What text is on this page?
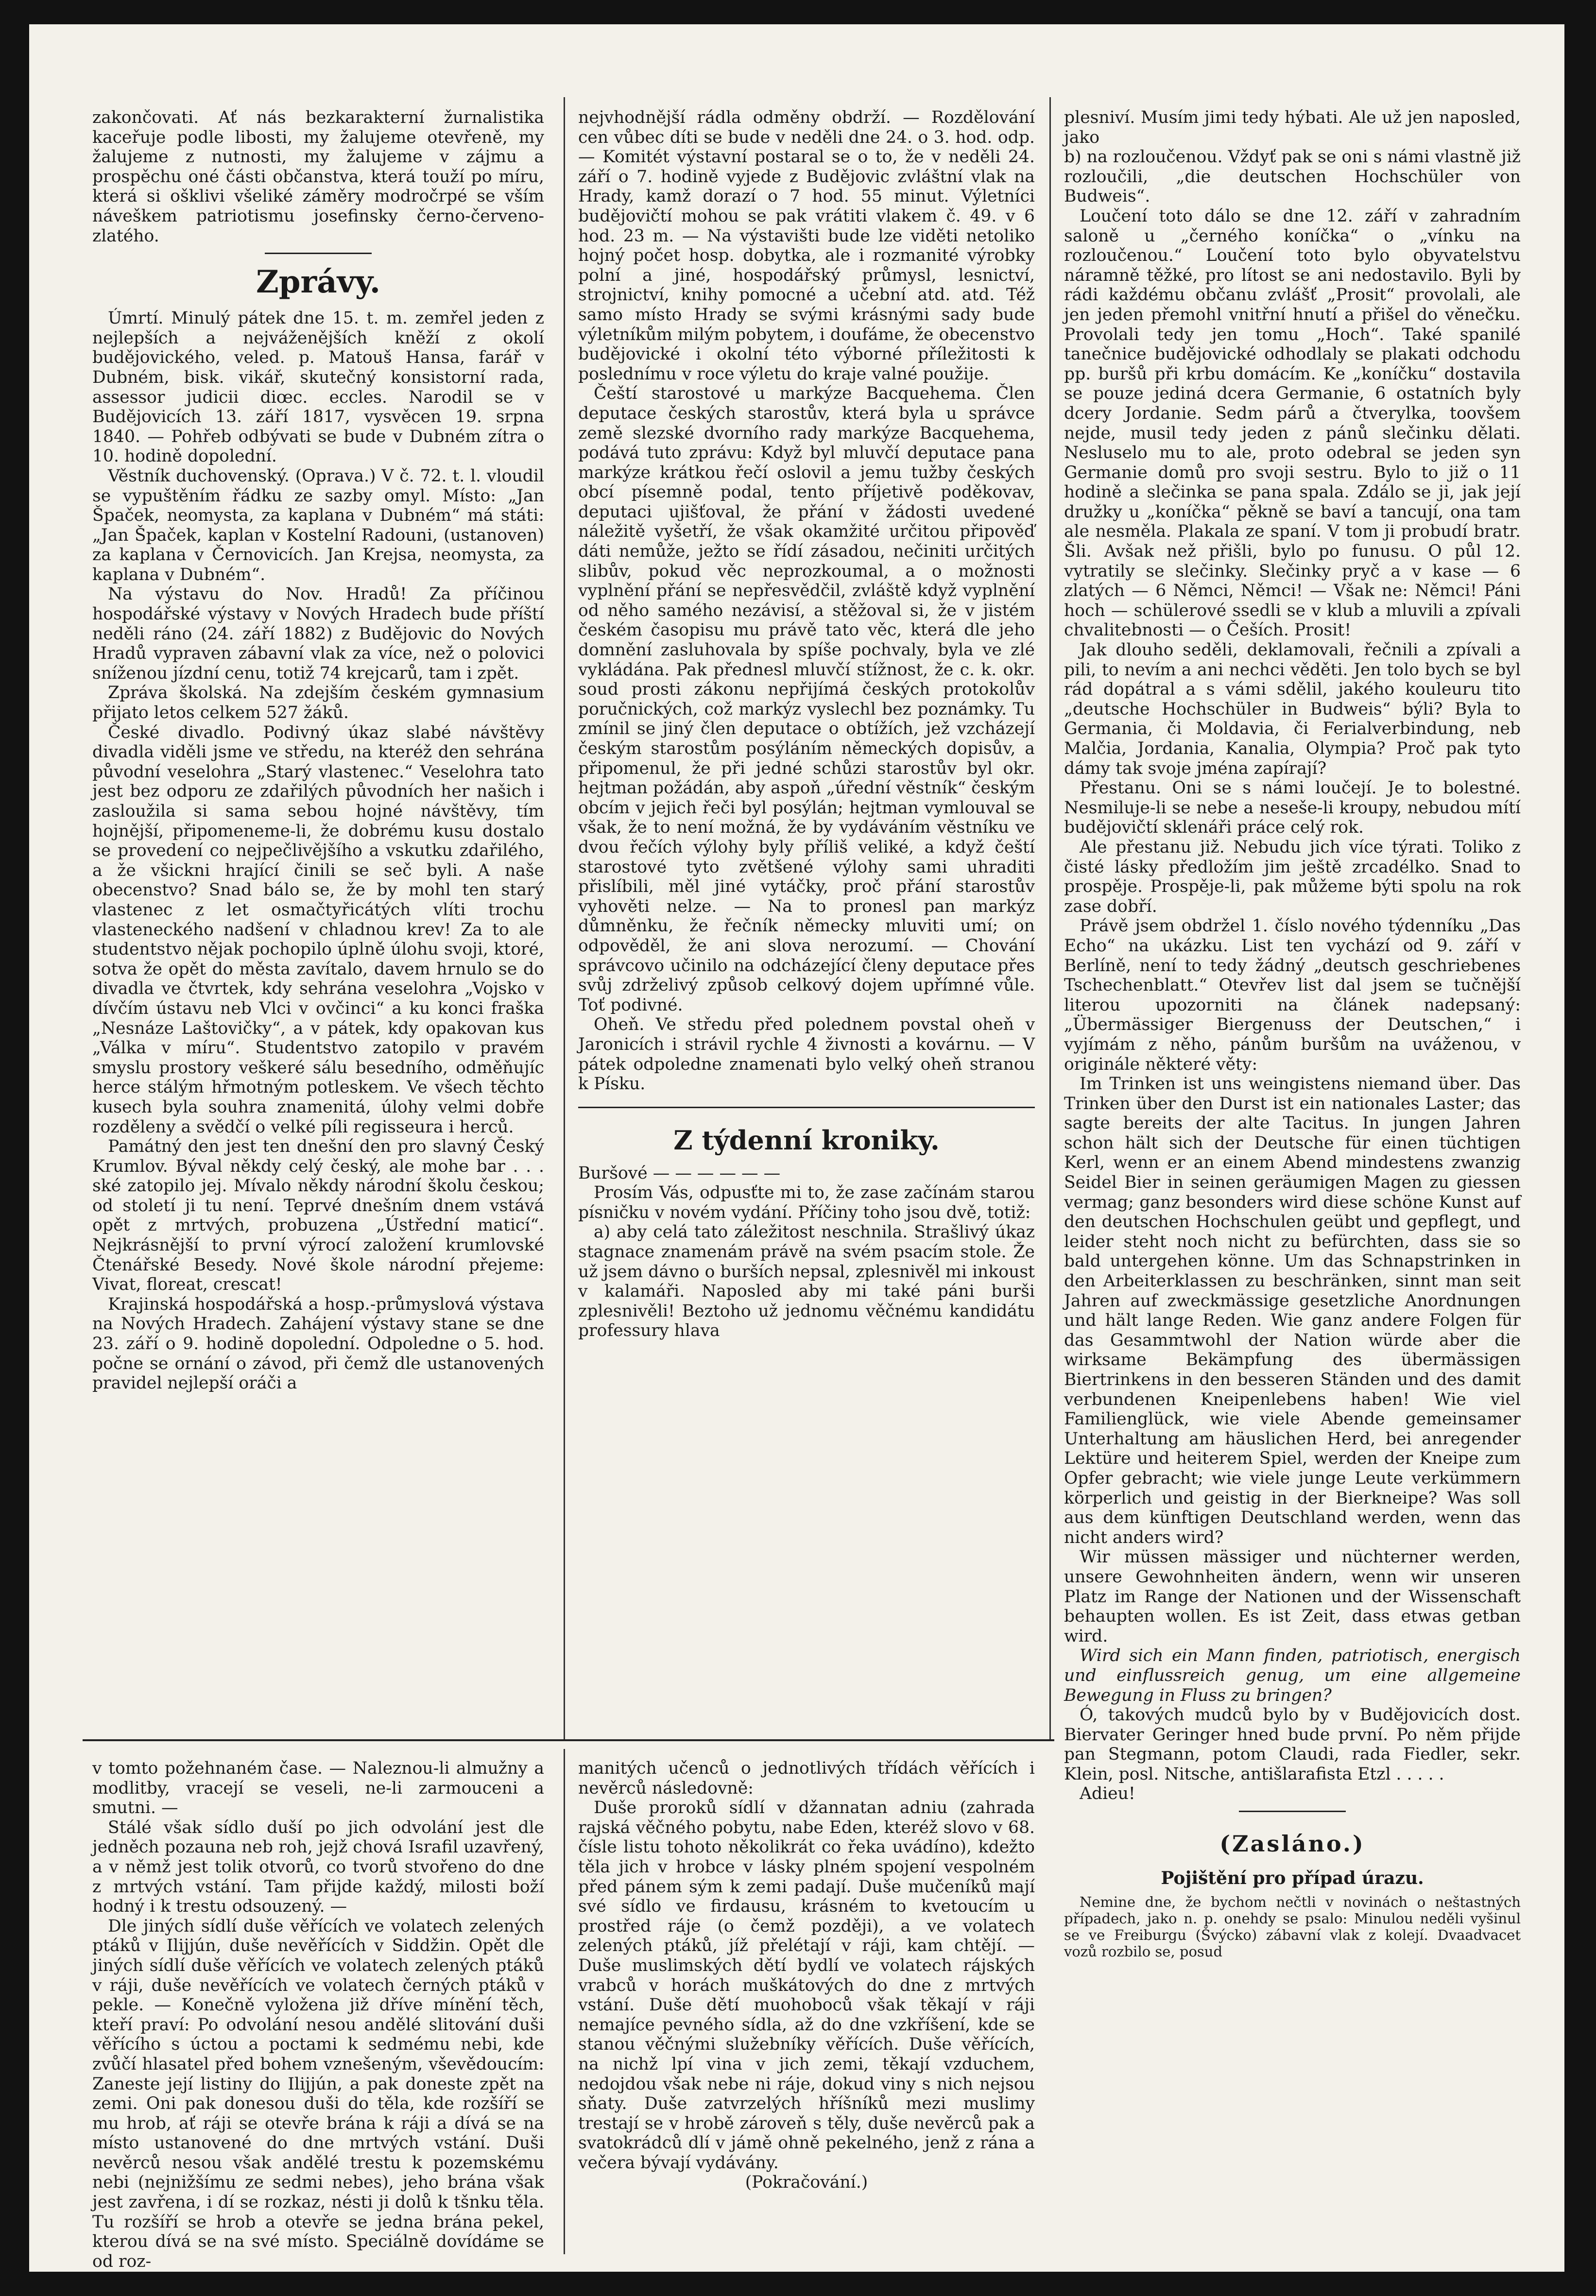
zakončovati. Ať nás bezkarakterní žurnalistika kaceřuje podle libosti, my žalujeme otevřeně, my žalujeme z nutnosti, my žalujeme v zájmu a prospěchu oné části občanstva, která touží po míru, která si ošklivi všeliké záměry modročrpé se vším náveškem patriotismu josefinsky černo-červeno-zlatého.

Zprávy.

Úmrtí. Minulý pátek dne 15. t. m. zemřel jeden z nejlepších a nejváženějších kněží z okolí budějovického, veled. p. Matouš Hansa, farář v Dubném, bisk. vikář, skutečný konsistorní rada, assessor judicii diœc. eccles. Narodil se v Budějovicích 13. září 1817, vysvěcen 19. srpna 1840. — Pohřeb odbývati se bude v Dubném zítra o 10. hodině dopolední.

Věstník duchovenský. (Oprava.) V č. 72. t. l. vloudil se vypuštěním řádku ze sazby omyl. Místo: „Jan Špaček, neomysta, za kaplana v Dubném“ má státi: „Jan Špaček, kaplan v Kostelní Radouni, (ustanoven) za kaplana v Černovicích. Jan Krejsa, neomysta, za kaplana v Dubném“.

Na výstavu do Nov. Hradů! Za příčinou hospodářské výstavy v Nových Hradech bude příští neděli ráno (24. září 1882) z Budějovic do Nových Hradů vypraven zábavní vlak za více, než o polovici sníženou jízdní cenu, totiž 74 krejcarů, tam i zpět.

Zpráva školská. Na zdejším českém gymnasium přijato letos celkem 527 žáků.

České divadlo. Podivný úkaz slabé návštěvy divadla viděli jsme ve středu, na kteréž den sehrána původní veselohra „Starý vlastenec.“ Veselohra tato jest bez odporu ze zdařilých původních her našich i zasloužila si sama sebou hojné návštěvy, tím hojnější, připomeneme-li, že dobrému kusu dostalo se provedení co nejpečlivějšího a vskutku zdařilého, a že všickni hrající činili se seč byli. A naše obecenstvo? Snad bálo se, že by mohl ten starý vlastenec z let osmačtyřicátých vlíti trochu vlasteneckého nadšení v chladnou krev! Za to ale studentstvo nějak pochopilo úplně úlohu svoji, ktoré, sotva že opět do města zavítalo, davem hrnulo se do divadla ve čtvrtek, kdy sehrána veselohra „Vojsko v dívčím ústavu neb Vlci v ovčinci“ a ku konci fraška „Nesnáze Laštovičky“, a v pátek, kdy opakovan kus „Válka v míru“. Studentstvo zatopilo v pravém smyslu prostory veškeré sálu besedního, odměňujíc herce stálým hřmotným potleskem. Ve všech těchto kusech byla souhra znamenitá, úlohy velmi dobře rozděleny a svědčí o velké píli regisseura i herců.

Památný den jest ten dnešní den pro slavný Český Krumlov. Býval někdy celý český, ale mohe bar . . . ské zatopilo jej. Mívalo někdy národní školu českou; od století ji tu není. Teprvé dnešním dnem vstává opět z mrtvých, probuzena „Ústřední maticí“. Nejkrásnější to první výrocí založení krumlovské Čtenářské Besedy. Nové škole národní přejeme: Vivat, floreat, crescat!

Krajinská hospodářská a hosp.-průmyslová výstava na Nových Hradech. Zahájení výstavy stane se dne 23. září o 9. hodině dopolední. Odpoledne o 5. hod. počne se ornání o závod, při čemž dle ustanovených pravidel nejlepší oráči a

nejvhodnější rádla odměny obdrží. — Rozdělování cen vůbec díti se bude v neděli dne 24. o 3. hod. odp. — Komitét výstavní postaral se o to, že v neděli 24. září o 7. hodině vyjede z Budějovic zvláštní vlak na Hrady, kamž dorazí o 7 hod. 55 minut. Výletníci budějovičtí mohou se pak vrátiti vlakem č. 49. v 6 hod. 23 m. — Na výstavišti bude lze viděti netoliko hojný počet hosp. dobytka, ale i rozmanité výrobky polní a jiné, hospodářský průmysl, lesnictví, strojnictví, knihy pomocné a učební atd. atd. Též samo místo Hrady se svými krásnými sady bude výletníkům milým pobytem, i doufáme, že obecenstvo budějovické i okolní této výborné příležitosti k poslednímu v roce výletu do kraje valné použije.

Čeští starostové u markýze Bacquehema. Člen deputace českých starostův, která byla u správce země slezské dvorního rady markýze Bacquehema, podává tuto zprávu: Když byl mluvčí deputace pana markýze krátkou řečí oslovil a jemu tužby českých obcí písemně podal, tento příjetivě poděkovav, deputaci ujišťoval, že přání v žádosti uvedené náležitě vyšetří, že však okamžité určitou připověď dáti nemůže, ježto se řídí zásadou, nečiniti určitých slibův, pokud věc neprozkoumal, a o možnosti vyplnění přání se nepřesvědčil, zvláště když vyplnění od něho samého nezávisí, a stěžoval si, že v jistém českém časopisu mu právě tato věc, která dle jeho domnění zasluhovala by spíše pochvaly, byla ve zlé vykládána. Pak přednesl mluvčí stížnost, že c. k. okr. soud prosti zákonu nepřijímá českých protokolův poručnických, což markýz vyslechl bez poznámky. Tu zmínil se jiný člen deputace o obtížích, jež vzcházejí českým starostům posýláním německých dopisův, a připomenul, že při jedné schůzi starostův byl okr. hejtman požádán, aby aspoň „úřední věstník“ českým obcím v jejich řeči byl posýlán; hejtman vymlouval se však, že to není možná, že by vydáváním věstníku ve dvou řečích výlohy byly příliš veliké, a když čeští starostové tyto zvětšené výlohy sami uhraditi přislíbili, měl jiné vytáčky, proč přání starostův vyhověti nelze. — Na to pronesl pan markýz důmněnku, že řečník německy mluviti umí; on odpověděl, že ani slova nerozumí. — Chování správcovo učinilo na odcházející členy deputace přes svůj zdrželivý způsob celkový dojem upřímné vůle. Toť podivné.

Oheň. Ve středu před polednem povstal oheň v Jaronicích i strávil rychle 4 živnosti a kovárnu. — V pátek odpoledne znamenati bylo velký oheň stranou k Písku.

Z týdenní kroniky.

Buršové — — — — — —

Prosím Vás, odpusťte mi to, že zase začínám starou písničku v novém vydání. Příčiny toho jsou dvě, totiž:

a) aby celá tato záležitost neschnila. Strašlivý úkaz stagnace znamenám právě na svém psacím stole. Že už jsem dávno o burších nepsal, zplesnivěl mi inkoust v kalamáři. Naposled aby mi také páni burši zplesnivěli! Beztoho už jednomu věčnému kandidátu professury hlava

plesniví. Musím jimi tedy hýbati. Ale už jen naposled, jako

b) na rozloučenou. Vždyť pak se oni s námi vlastně již rozloučili, „die deutschen Hochschüler von Budweis“.

Loučení toto dálo se dne 12. září v zahradním saloně u „černého koníčka“ o „vínku na rozloučenou.“ Loučení toto bylo obyvatelstvu náramně těžké, pro lítost se ani nedostavilo. Byli by rádi každému občanu zvlášť „Prosit“ provolali, ale jen jeden přemohl vnitřní hnutí a přišel do věnečku. Provolali tedy jen tomu „Hoch“. Také spanilé tanečnice budějovické odhodlaly se plakati odchodu pp. buršů při krbu domácím. Ke „koníčku“ dostavila se pouze jediná dcera Germanie, 6 ostatních byly dcery Jordanie. Sedm párů a čtverylka, toovšem nejde, musil tedy jeden z pánů slečinku dělati. Nesluselo mu to ale, proto odebral se jeden syn Germanie domů pro svoji sestru. Bylo to již o 11 hodině a slečinka se pana spala. Zdálo se ji, jak její družky u „koníčka“ pěkně se baví a tancují, ona tam ale nesměla. Plakala ze spaní. V tom ji probudí bratr. Šli. Avšak než přišli, bylo po funusu. O půl 12. vytratily se slečinky. Slečinky pryč a v kase — 6 zlatých — 6 Němci, Němci! — Však ne: Němci! Páni hoch — schülerové ssedli se v klub a mluvili a zpívali chvalitebnosti — o Češích. Prosit!

Jak dlouho seděli, deklamovali, řečnili a zpívali a pili, to nevím a ani nechci věděti. Jen tolo bych se byl rád dopátral a s vámi sdělil, jakého kouleuru tito „deutsche Hochschüler in Budweis“ býli? Byla to Germania, či Moldavia, či Ferialverbindung, neb Malčia, Jordania, Kanalia, Olympia? Proč pak tyto dámy tak svoje jména zapírají?

Přestanu. Oni se s námi loučejí. Je to bolestné. Nesmiluje-li se nebe a neseše-li kroupy, nebudou mítí budějovičtí sklenáři práce celý rok.

Ale přestanu již. Nebudu jich více týrati. Toliko z čisté lásky předložím jim ještě zrcadélko. Snad to prospěje. Prospěje-li, pak můžeme býti spolu na rok zase dobří.

Právě jsem obdržel 1. číslo nového týdenníku „Das Echo“ na ukázku. List ten vychází od 9. září v Berlíně, není to tedy žádný „deutsch geschriebenes Tschechenblatt.“ Otevřev list dal jsem se tučnější literou upozorniti na článek nadepsaný: „Übermässiger Biergenuss der Deutschen,“ i vyjímám z něho, pánům buršům na uváženou, v originále některé věty:

Im Trinken ist uns weingistens niemand über. Das Trinken über den Durst ist ein nationales Laster; das sagte bereits der alte Tacitus. In jungen Jahren schon hält sich der Deutsche für einen tüchtigen Kerl, wenn er an einem Abend mindestens zwanzig Seidel Bier in seinen geräumigen Magen zu giessen vermag; ganz besonders wird diese schöne Kunst auf den deutschen Hochschulen geübt und gepflegt, und leider steht noch nicht zu befürchten, dass sie so bald untergehen könne. Um das Schnapstrinken in den Arbeiterklassen zu beschränken, sinnt man seit Jahren auf zweckmässige gesetzliche Anordnungen und hält lange Reden. Wie ganz andere Folgen für das Gesammtwohl der Nation würde aber die wirksame Bekämpfung des übermässigen Biertrinkens in den besseren Ständen und des damit verbundenen Kneipenlebens haben! Wie viel Familienglück, wie viele Abende gemeinsamer Unterhaltung am häuslichen Herd, bei anregender Lektüre und heiterem Spiel, werden der Kneipe zum Opfer gebracht; wie viele junge Leute verkümmern körperlich und geistig in der Bierkneipe? Was soll aus dem künftigen Deutschland werden, wenn das nicht anders wird?

Wir müssen mässiger und nüchterner werden, unsere Gewohnheiten ändern, wenn wir unseren Platz im Range der Nationen und der Wissenschaft behaupten wollen. Es ist Zeit, dass etwas getban wird.

Wird sich ein Mann finden, patriotisch, energisch und einflussreich genug, um eine allgemeine Bewegung in Fluss zu bringen?

Ó, takových mudců bylo by v Budějovicích dost. Biervater Geringer hned bude první. Po něm přijde pan Stegmann, potom Claudi, rada Fiedler, sekr. Klein, posl. Nitsche, antišlarafista Etzl . . . . .

Adieu!

(Zasláno.)
Pojištění pro případ úrazu.

Nemine dne, že bychom nečtli v novinách o neštastných případech, jako n. p. onehdy se psalo: Minulou neděli vyšinul se ve Freiburgu (Švýcko) zábavní vlak z kolejí. Dvaadvacet vozů rozbilo se, posud

v tomto požehnaném čase. — Naleznou-li almužny a modlitby, vracejí se veseli, ne-li zarmouceni a smutni. —

Stálé však sídlo duší po jich odvolání jest dle jedněch pozauna neb roh, jejž chová Israfil uzavřený, a v němž jest tolik otvorů, co tvorů stvořeno do dne z mrtvých vstání. Tam přijde každý, milosti boží hodný i k trestu odsouzený. —

Dle jiných sídlí duše věřících ve volatech zelených ptáků v Ilijjún, duše nevěřících v Siddžin. Opět dle jiných sídlí duše věřících ve volatech zelených ptáků v ráji, duše nevěřících ve volatech černých ptáků v pekle. — Konečně vyložena již dříve mínění těch, kteří praví: Po odvolání nesou andělé slitování duši věřícího s úctou a poctami k sedmému nebi, kde zvůčí hlasatel před bohem vznešeným, vševědoucím: Zaneste její listiny do Ilijjún, a pak doneste zpět na zemi. Oni pak donesou duši do těla, kde rozšíří se mu hrob, ať ráji se otevře brána k ráji a dívá se na místo ustanovené do dne mrtvých vstání. Duši nevěrců nesou však andělé trestu k pozemskému nebi (nejnižšímu ze sedmi nebes), jeho brána však jest zavřena, i dí se rozkaz, nésti ji dolů k tšnku těla. Tu rozšíří se hrob a otevře se jedna brána pekel, kterou dívá se na své místo. Speciálně dovídáme se od roz-

manitých učenců o jednotlivých třídách věřících i nevěrců následovně:

Duše proroků sídlí v džannatan adniu (zahrada rajská věčného pobytu, nabe Eden, kteréž slovo v 68. čísle listu tohoto několikrát co řeka uvádíno), kdežto těla jich v hrobce v lásky plném spojení vespolném před pánem sým k zemi padají. Duše mučeníků mají své sídlo ve firdausu, krásném to kvetoucím u prostřed ráje (o čemž později), a ve volatech zelených ptáků, jíž přelétají v ráji, kam chtějí. — Duše muslimských dětí bydlí ve volatech rájských vrabců v horách muškátových do dne z mrtvých vstání. Duše dětí muohoboců však těkají v ráji nemajíce pevného sídla, až do dne vzkříšení, kde se stanou věčnými služebníky věřících. Duše věřících, na nichž lpí vina v jich zemi, těkají vzduchem, nedojdou však nebe ni ráje, dokud viny s nich nejsou sňaty. Duše zatvrzelých hříšníků mezi muslimy trestají se v hrobě zároveň s těly, duše nevěrců pak a svatokrádců dlí v jámě ohně pekelného, jenž z rána a večera bývají vydávány.

(Pokračování.)
